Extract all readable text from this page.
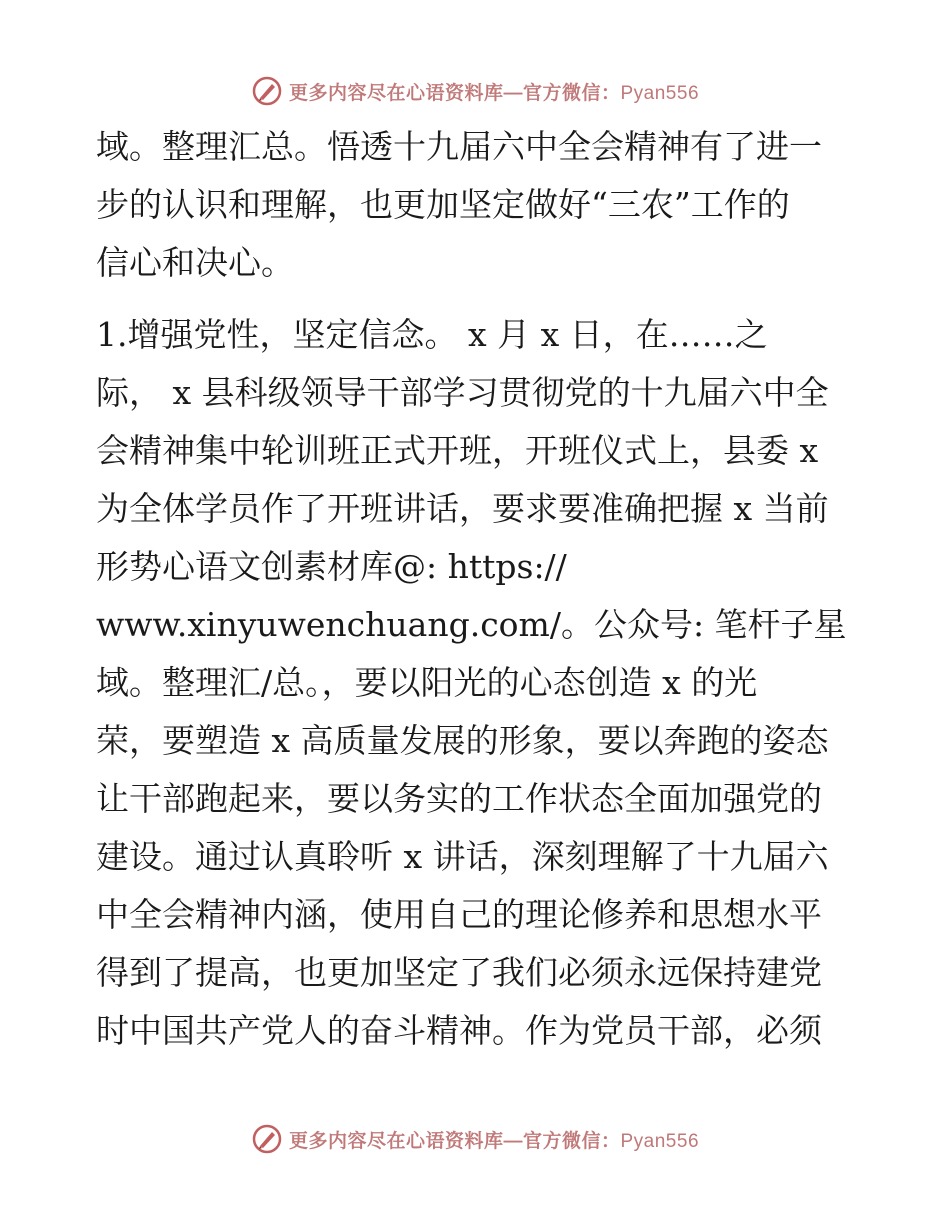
更多内容尽在心语资料库—官方微信：Pyan556
域。整理汇总。悟透十九届六中全会精神有了进一
步的认识和理解，也更加坚定做好“三农”工作的
信心和决心。
1.增强党性，坚定信念。 x 月 x 日，在……之
际， x 县科级领导干部学习贯彻党的十九届六中全
会精神集中轮训班正式开班，开班仪式上，县委 x
为全体学员作了开班讲话，要求要准确把握 x 当前
形势心语文创素材库@: https://
www.xinyuwenchuang.com/。公众号: 笔杆子星
域。整理汇/总。，要以阳光的心态创造 x 的光
荣，要塑造 x 高质量发展的形象，要以奔跑的姿态
让干部跑起来，要以务实的工作状态全面加强党的
建设。通过认真聆听 x 讲话，深刻理解了十九届六
中全会精神内涵，使用自己的理论修养和思想水平
得到了提高，也更加坚定了我们必须永远保持建党
时中国共产党人的奋斗精神。作为党员干部，必须
更多内容尽在心语资料库—官方微信：Pyan556
